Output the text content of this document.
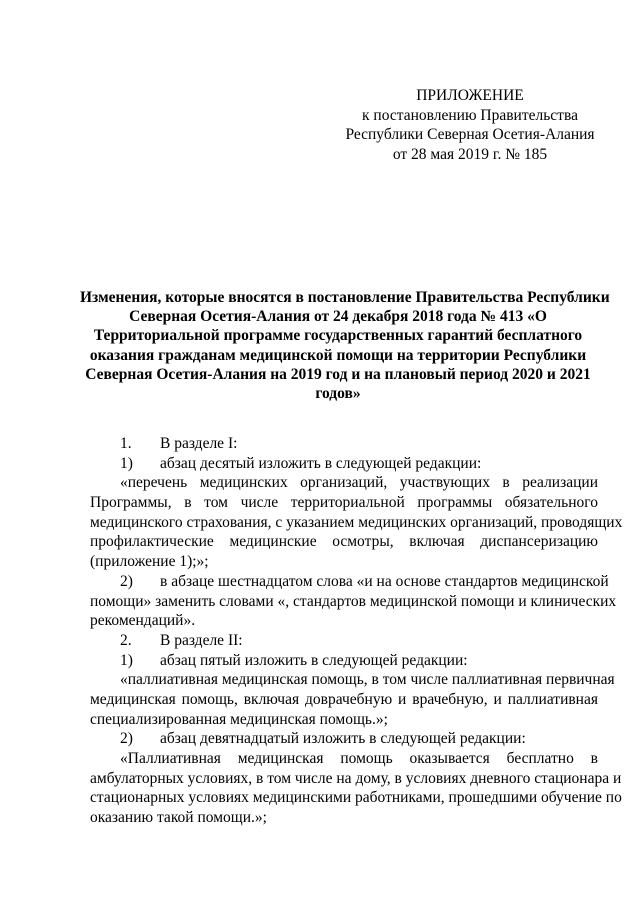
ПРИЛОЖЕНИЕ
к постановлению Правительства
Республики Северная Осетия-Алания
от 28 мая 2019 г. № 185
Изменения, которые вносятся в постановление Правительства Республики
Северная Осетия-Алания от 24 декабря 2018 года № 413 «О
Территориальной программе государственных гарантий бесплатного
оказания гражданам медицинской помощи на территории Республики
Северная Осетия-Алания на 2019 год и на плановый период 2020 и 2021
годов»
1. В разделе I:
1) абзац десятый изложить в следующей редакции:
«перечень медицинских организаций, участвующих в реализации
Программы, в том числе территориальной программы обязательного
медицинского страхования, с указанием медицинских организаций, проводящих
профилактические медицинские осмотры, включая диспансеризацию
(приложение 1);»;
2) в абзаце шестнадцатом слова «и на основе стандартов медицинской
помощи» заменить словами «, стандартов медицинской помощи и клинических
рекомендаций».
2. В разделе II:
1) абзац пятый изложить в следующей редакции:
«паллиативная медицинская помощь, в том числе паллиативная первичная
медицинская помощь, включая доврачебную и врачебную, и паллиативная
специализированная медицинская помощь.»;
2) абзац девятнадцатый изложить в следующей редакции:
«Паллиативная медицинская помощь оказывается бесплатно в
амбулаторных условиях, в том числе на дому, в условиях дневного стационара и
стационарных условиях медицинскими работниками, прошедшими обучение по
оказанию такой помощи.»;
